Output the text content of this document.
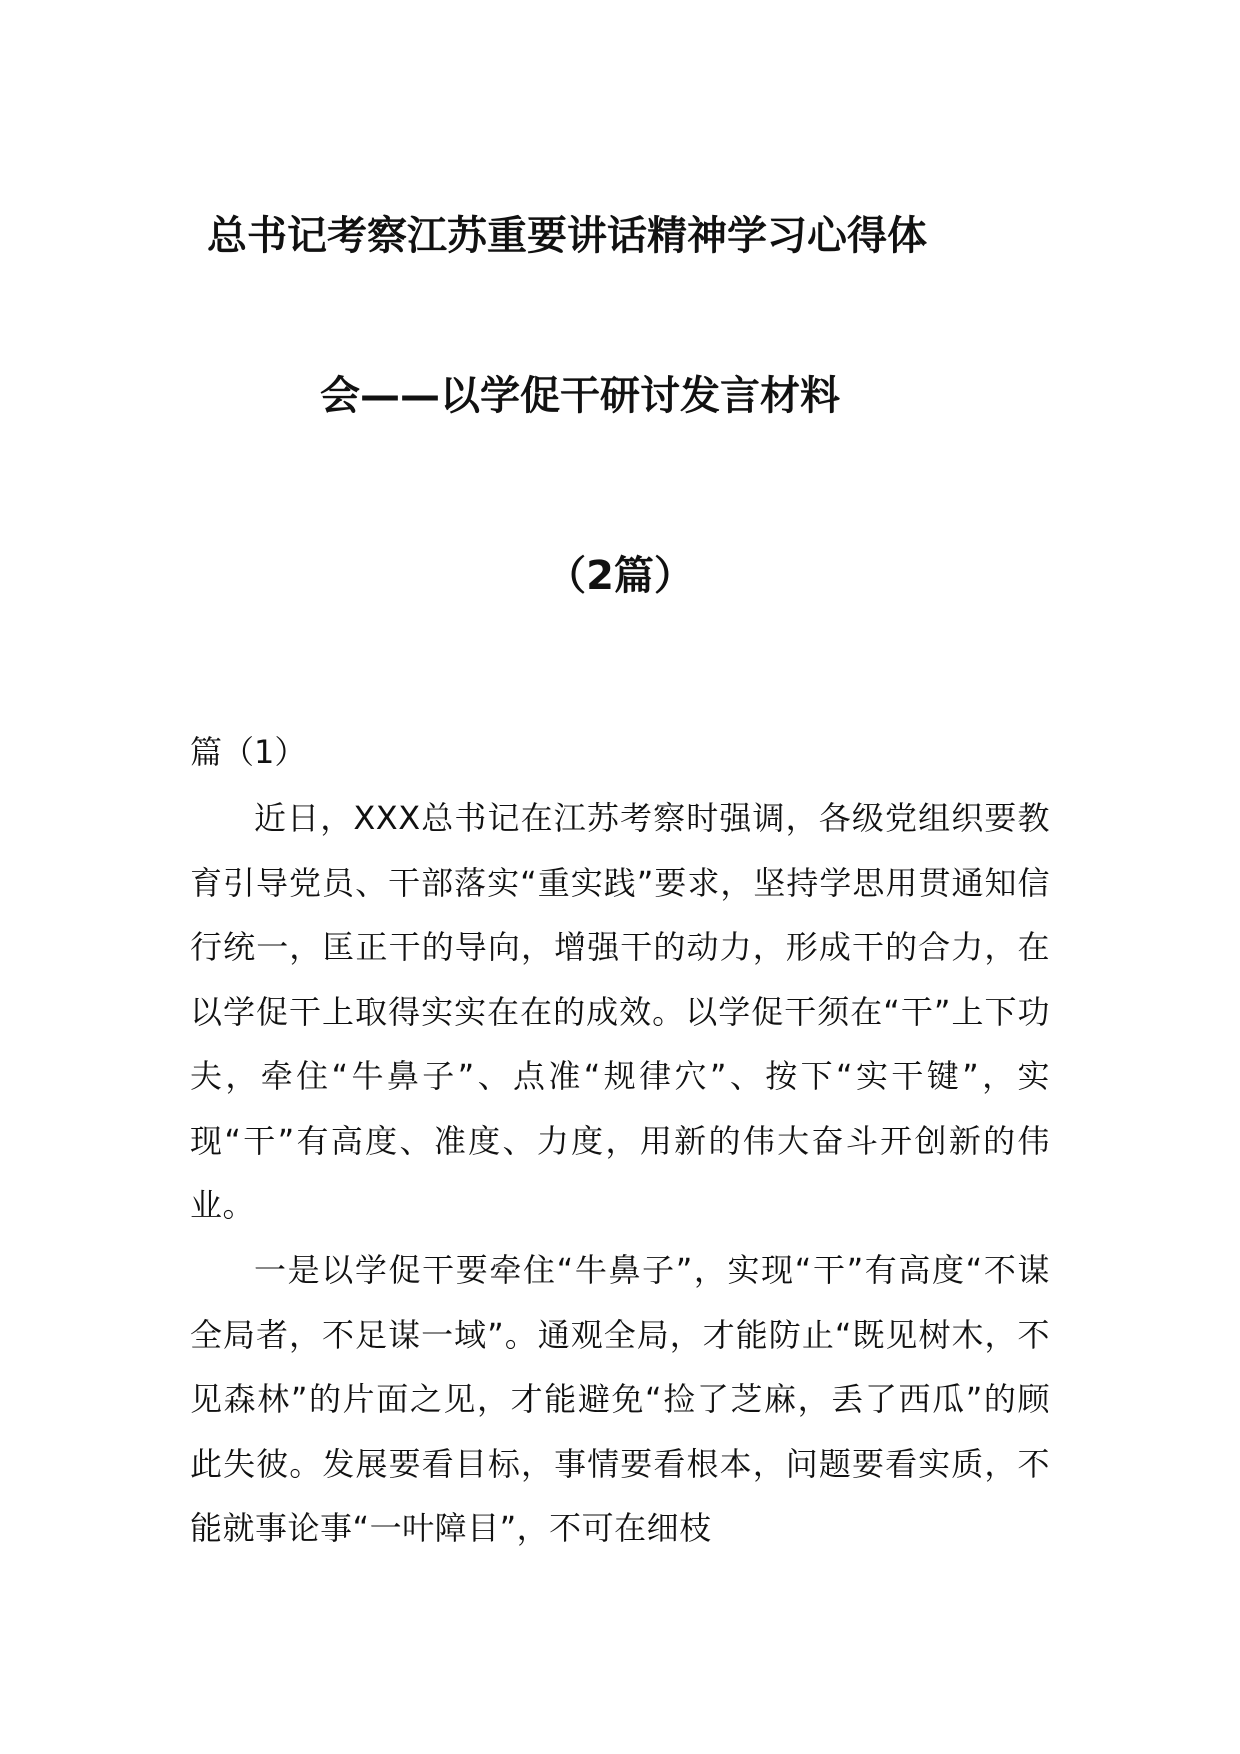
总书记考察江苏重要讲话精神学习心得体
会——以学促干研讨发言材料
（2篇）
篇（1）

近日，XXX总书记在江苏考察时强调，各级党组织要教育引导党员、干部落实“重实践”要求，坚持学思用贯通知信行统一，匡正干的导向，增强干的动力，形成干的合力，在以学促干上取得实实在在的成效。以学促干须在“干”上下功夫，牵住“牛鼻子”、点准“规律穴”、按下“实干键”，实现“干”有高度、准度、力度，用新的伟大奋斗开创新的伟业。

一是以学促干要牵住“牛鼻子”，实现“干”有高度“不谋全局者，不足谋一域”。通观全局，才能防止“既见树木，不见森林”的片面之见，才能避免“捡了芝麻，丢了西瓜”的顾此失彼。发展要看目标，事情要看根本，问题要看实质，不能就事论事“一叶障目”，不可在细枝
